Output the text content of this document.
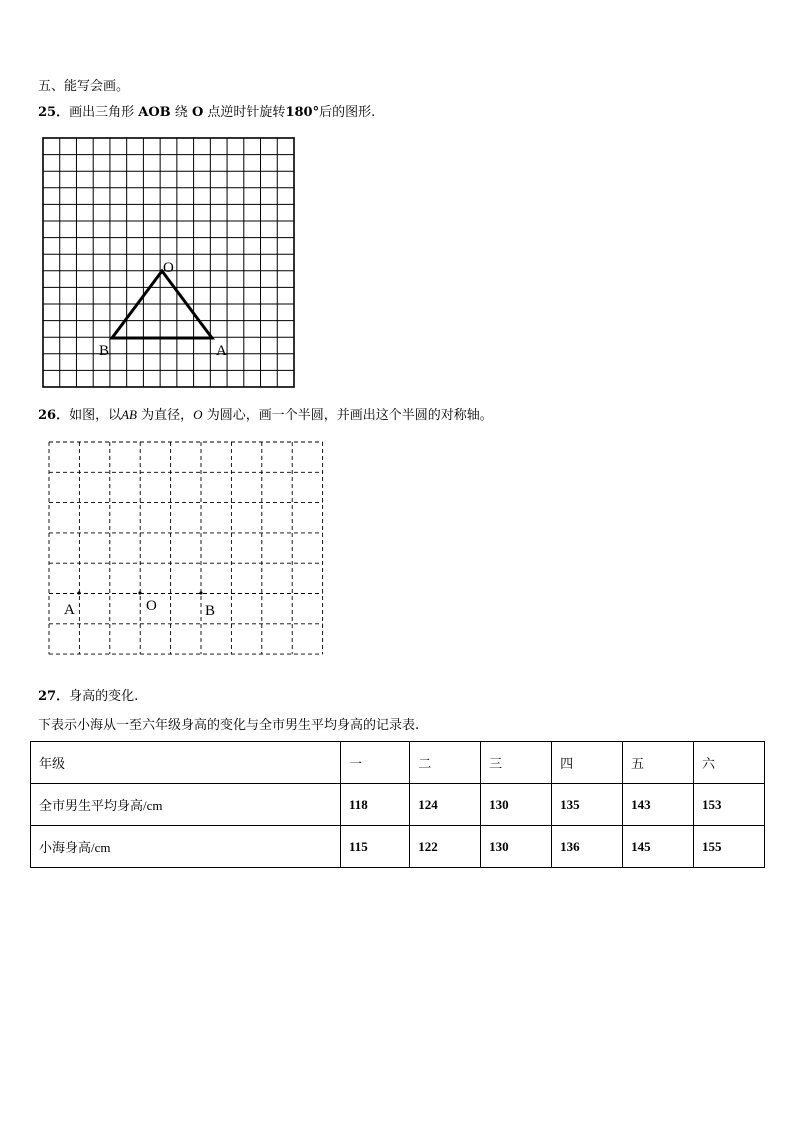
五、能写会画。
25．画出三角形 AOB 绕 O 点逆时针旋转180°后的图形.
O
B	A
26．如图，以AB 为直径，O 为圆心，画一个半圆，并画出这个半圆的对称轴。
A	O	B
27．身高的变化.
下表示小海从一至六年级身高的变化与全市男生平均身高的记录表.
年级	一	二	三	四	五	六
全市男生平均身高/cm	118	124	130	135	143	153
小海身高/cm	115	122	130	136	145	155
